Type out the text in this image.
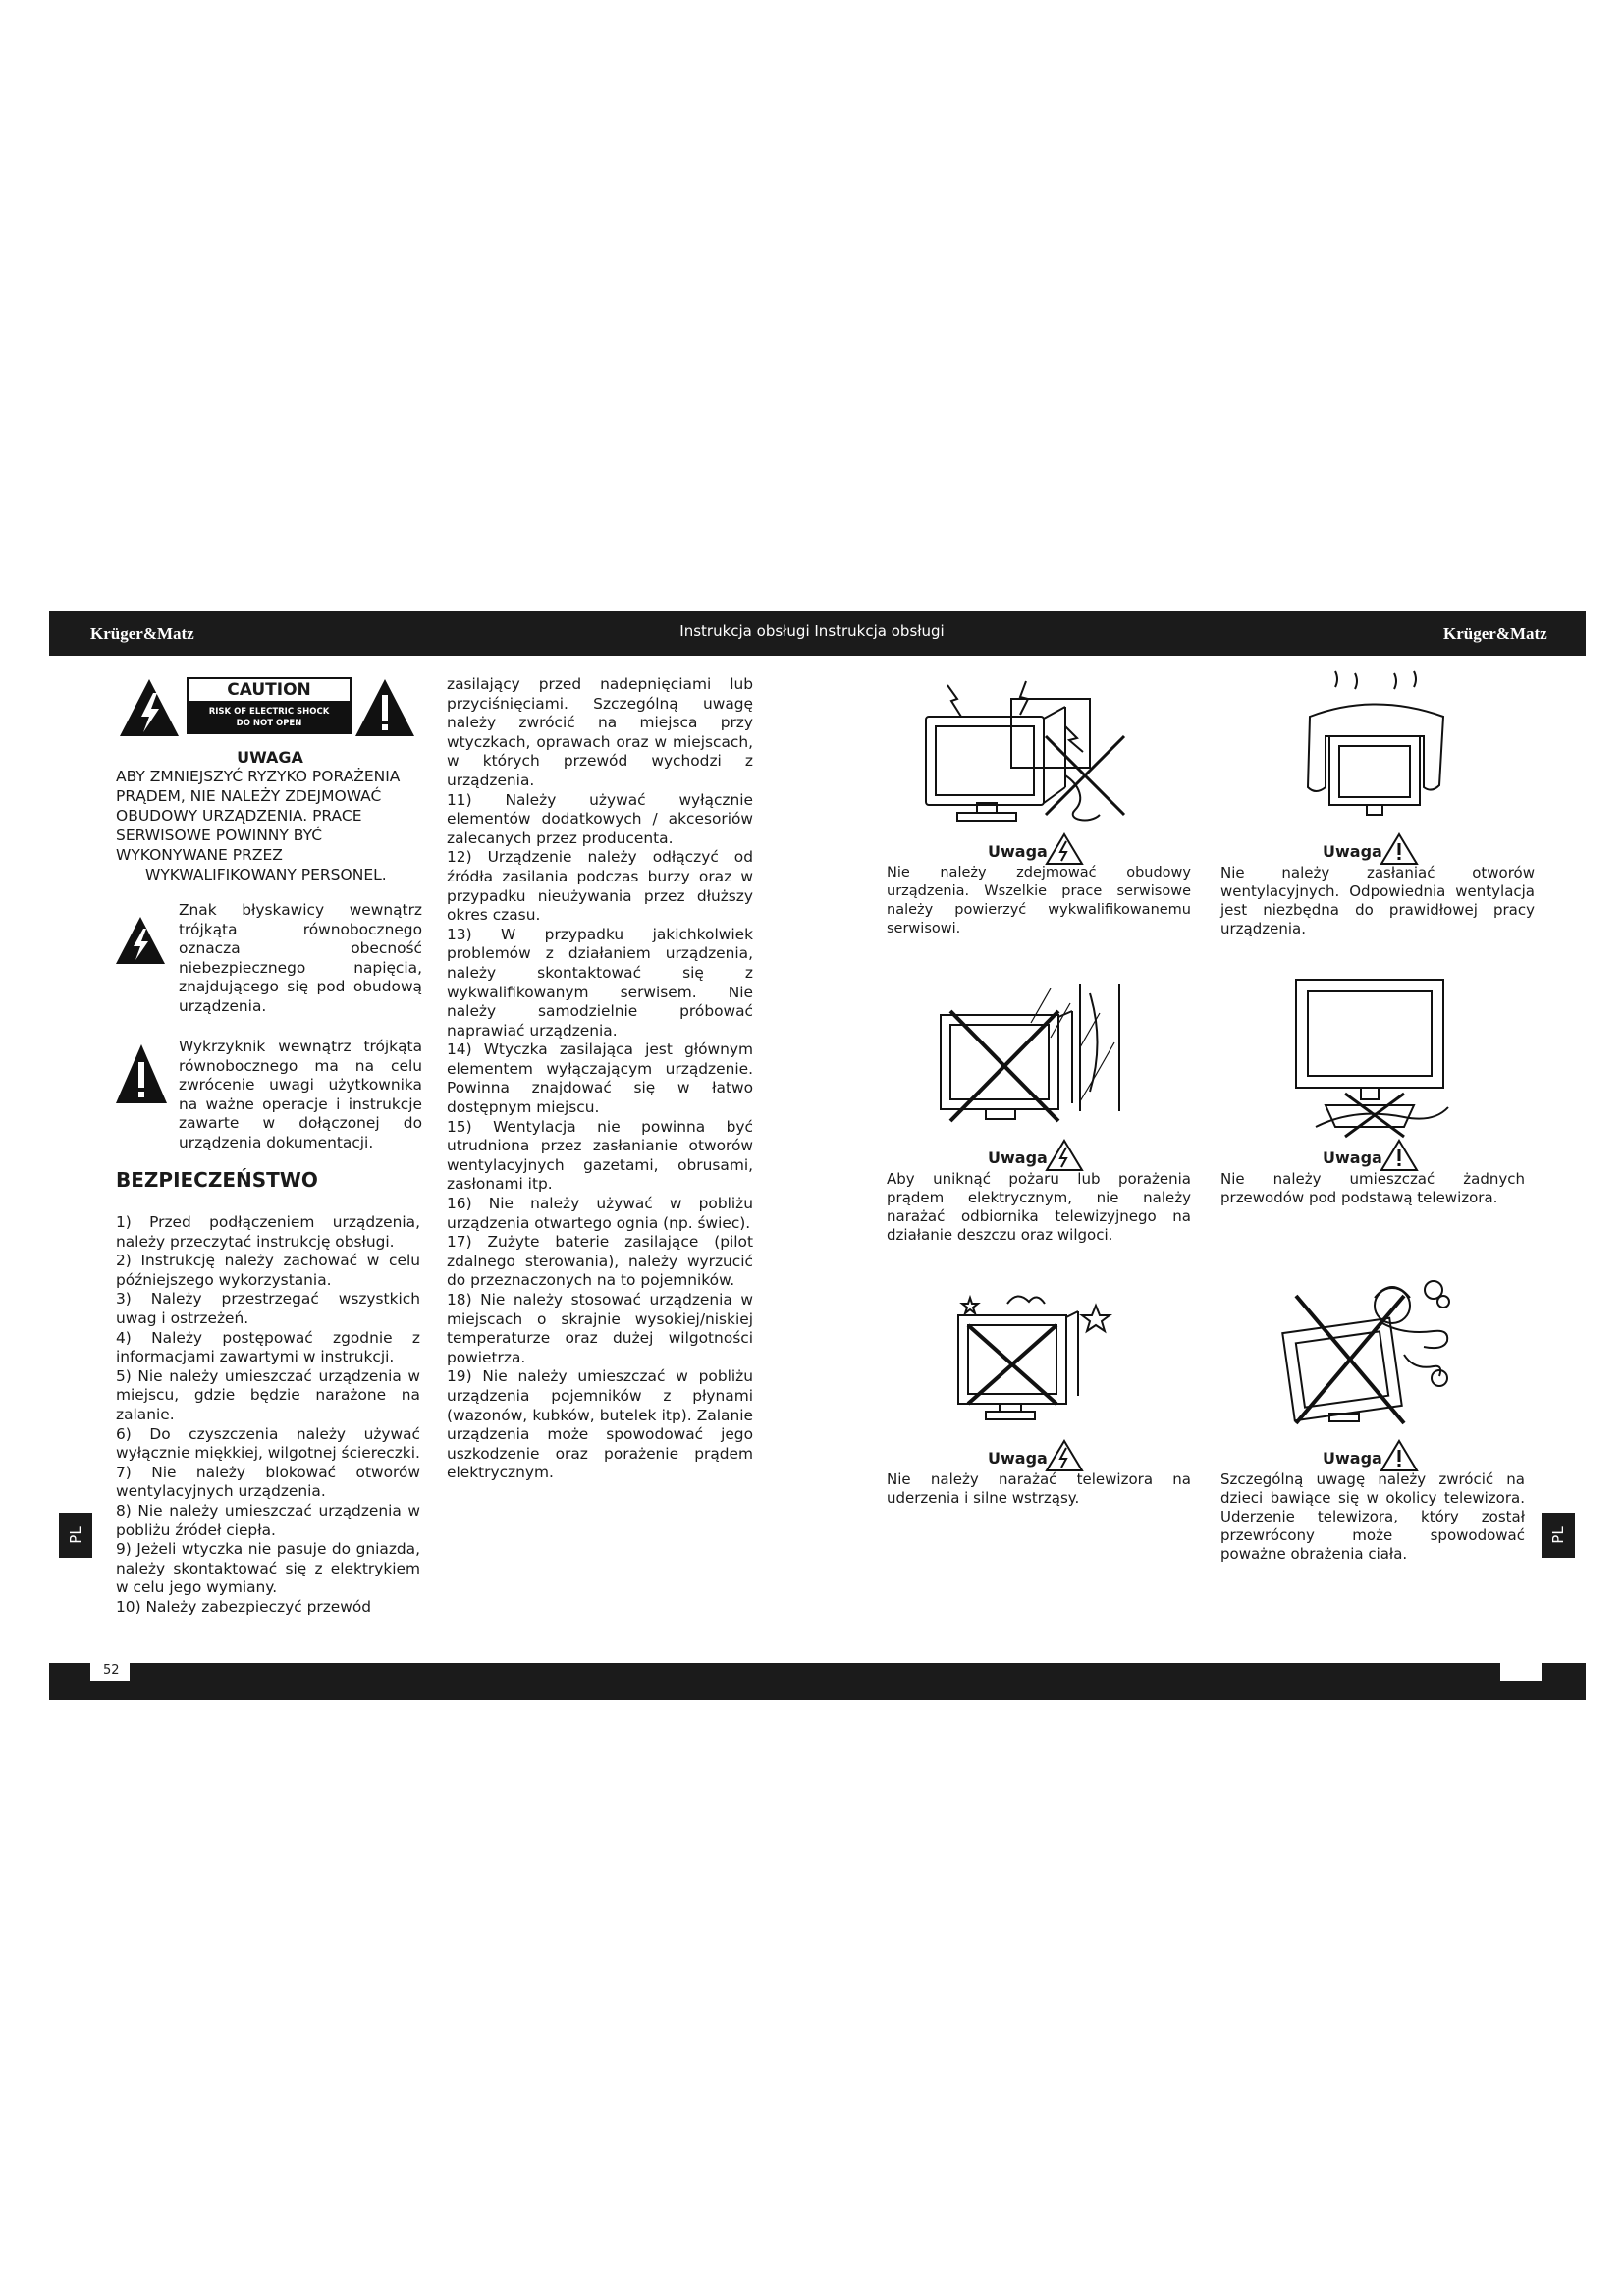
Krüger&Matz	Instrukcja obsługi Instrukcja obsługi	Krüger&Matz
52
PL	PL
CAUTION
RISK OF ELECTRIC SHOCK
DO NOT OPEN
UWAGA
ABY ZMNIEJSZYĆ RYZYKO PORAŻENIA
PRĄDEM, NIE NALEŻY ZDEJMOWAĆ
OBUDOWY URZĄDZENIA. PRACE
SERWISOWE POWINNY BYĆ
WYKONYWANE PRZEZ
WYKWALIFIKOWANY PERSONEL.

Znak błyskawicy wewnątrz trójkąta równobocznego oznacza obecność niebezpiecznego napięcia, znajdującego się pod obudową urządzenia.

Wykrzyknik wewnątrz trójkąta równobocznego ma na celu zwrócenie uwagi użytkownika na ważne operacje i instrukcje zawarte w dołączonej do urządzenia dokumentacji.

BEZPIECZEŃSTWO

1) Przed podłączeniem urządzenia, należy przeczytać instrukcję obsługi.

2) Instrukcję należy zachować w celu późniejszego wykorzystania.

3) Należy przestrzegać wszystkich uwag i ostrzeżeń.

4) Należy postępować zgodnie z informacjami zawartymi w instrukcji.

5) Nie należy umieszczać urządzenia w miejscu, gdzie będzie narażone na zalanie.

6) Do czyszczenia należy używać wyłącznie miękkiej, wilgotnej ściereczki.

7) Nie należy blokować otworów wentylacyjnych urządzenia.

8) Nie należy umieszczać urządzenia w pobliżu źródeł ciepła.

9) Jeżeli wtyczka nie pasuje do gniazda, należy skontaktować się z elektrykiem w celu jego wymiany.

10) Należy zabezpieczyć przewód

zasilający przed nadepnięciami lub przyciśnięciami. Szczególną uwagę należy zwrócić na miejsca przy wtyczkach, oprawach oraz w miejscach, w których przewód wychodzi z urządzenia.

11) Należy używać wyłącznie elementów dodatkowych / akcesoriów zalecanych przez producenta.

12) Urządzenie należy odłączyć od źródła zasilania podczas burzy oraz w przypadku nieużywania przez dłuższy okres czasu.

13) W przypadku jakichkolwiek problemów z działaniem urządzenia, należy skontaktować się z wykwalifikowanym serwisem. Nie należy samodzielnie próbować naprawiać urządzenia.

14) Wtyczka zasilająca jest głównym elementem wyłączającym urządzenie. Powinna znajdować się w łatwo dostępnym miejscu.

15) Wentylacja nie powinna być utrudniona przez zasłanianie otworów wentylacyjnych gazetami, obrusami, zasłonami itp.

16) Nie należy używać w pobliżu urządzenia otwartego ognia (np. świec).

17) Zużyte baterie zasilające (pilot zdalnego sterowania), należy wyrzucić do przeznaczonych na to pojemników.

18) Nie należy stosować urządzenia w miejscach o skrajnie wysokiej/niskiej temperaturze oraz dużej wilgotności powietrza.

19) Nie należy umieszczać w pobliżu urządzenia pojemników z płynami (wazonów, kubków, butelek itp). Zalanie urządzenia może spowodować jego uszkodzenie oraz porażenie prądem elektrycznym.

Uwaga

Nie należy zdejmować obudowy urządzenia. Wszelkie prace serwisowe należy powierzyć wykwalifikowanemu serwisowi.

Uwaga

Nie należy zasłaniać otworów wentylacyjnych. Odpowiednia wentylacja jest niezbędna do prawidłowej pracy urządzenia.

Uwaga

Aby uniknąć pożaru lub porażenia prądem elektrycznym, nie należy narażać odbiornika telewizyjnego na działanie deszczu oraz wilgoci.

Uwaga

Nie należy umieszczać żadnych przewodów pod podstawą telewizora.

Uwaga

Nie należy narażać telewizora na uderzenia i silne wstrząsy.

Uwaga

Szczególną uwagę należy zwrócić na dzieci bawiące się w okolicy telewizora. Uderzenie telewizora, który został przewrócony może spowodować poważne obrażenia ciała.
